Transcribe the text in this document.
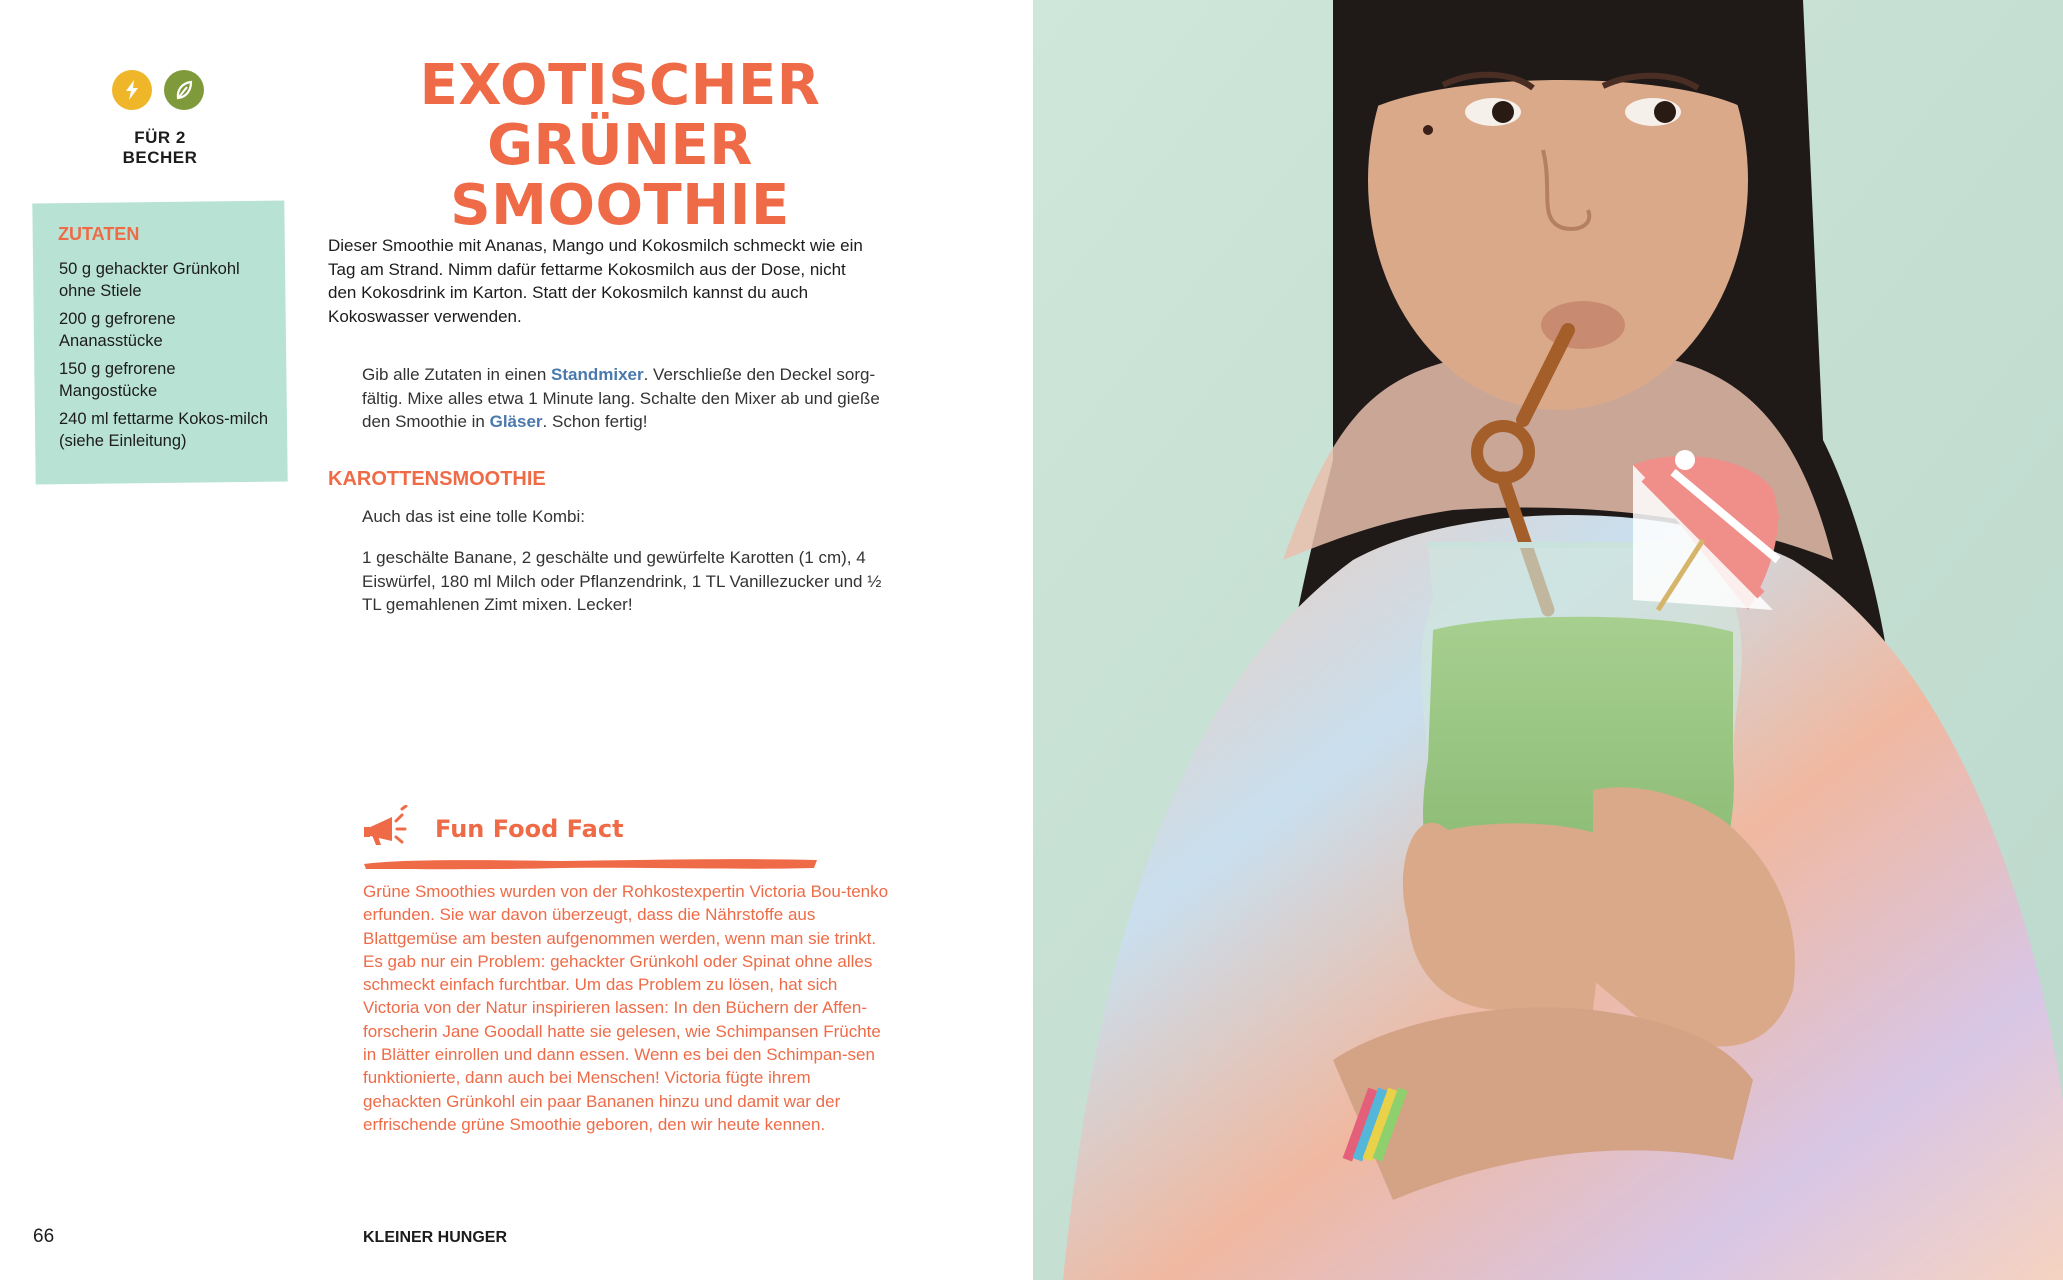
FÜR 2 BECHER
EXOTISCHER
GRÜNER SMOOTHIE
ZUTATEN
50 g gehackter Grünkohl ohne Stiele
200 g gefrorene Ananasstücke
150 g gefrorene Mangostücke
240 ml fettarme Kokos-milch (siehe Einleitung)
Dieser Smoothie mit Ananas, Mango und Kokosmilch schmeckt wie ein Tag am Strand. Nimm dafür fettarme Kokosmilch aus der Dose, nicht den Kokosdrink im Karton. Statt der Kokosmilch kannst du auch Kokoswasser verwenden.
Gib alle Zutaten in einen Standmixer. Verschließe den Deckel sorg-fältig. Mixe alles etwa 1 Minute lang. Schalte den Mixer ab und gieße den Smoothie in Gläser. Schon fertig!
KAROTTENSMOOTHIE
Auch das ist eine tolle Kombi:
1 geschälte Banane, 2 geschälte und gewürfelte Karotten (1 cm), 4 Eiswürfel, 180 ml Milch oder Pflanzendrink, 1 TL Vanillezucker und ½ TL gemahlenen Zimt mixen. Lecker!
Fun Food Fact
Grüne Smoothies wurden von der Rohkostexpertin Victoria Bou-tenko erfunden. Sie war davon überzeugt, dass die Nährstoffe aus Blattgemüse am besten aufgenommen werden, wenn man sie trinkt. Es gab nur ein Problem: gehackter Grünkohl oder Spinat ohne alles schmeckt einfach furchtbar. Um das Problem zu lösen, hat sich Victoria von der Natur inspirieren lassen: In den Büchern der Affen-forscherin Jane Goodall hatte sie gelesen, wie Schimpansen Früchte in Blätter einrollen und dann essen. Wenn es bei den Schimpan-sen funktionierte, dann auch bei Menschen! Victoria fügte ihrem gehackten Grünkohl ein paar Bananen hinzu und damit war der erfrischende grüne Smoothie geboren, den wir heute kennen.
66	KLEINER HUNGER
